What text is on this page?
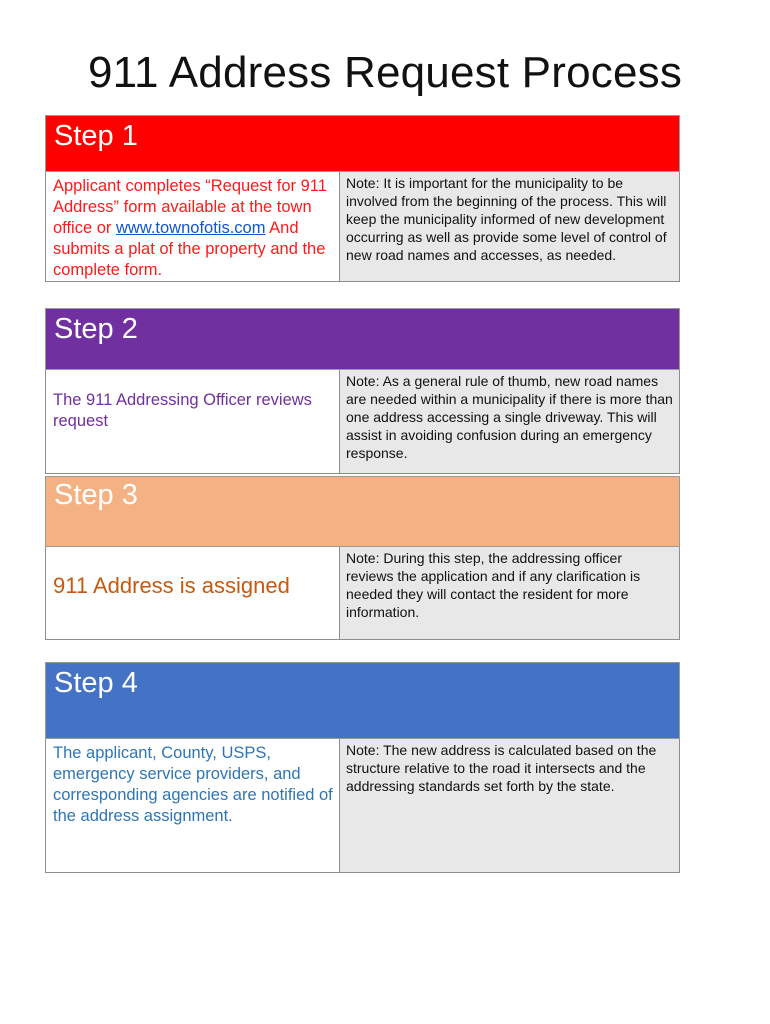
911 Address Request Process
Step 1
Applicant completes “Request for 911 Address” form available at the town office or www.townofotis.com And submits a plat of the property and the complete form.
Note: It is important for the municipality to be involved from the beginning of the process. This will keep the municipality informed of new development occurring as well as provide some level of control of new road names and accesses, as needed.
Step 2
The 911 Addressing Officer reviews request
Note: As a general rule of thumb, new road names are needed within a municipality if there is more than one address accessing a single driveway. This will assist in avoiding confusion during an emergency response.
Step 3
911 Address is assigned
Note: During this step, the addressing officer reviews the application and if any clarification is needed they will contact the resident for more information.
Step 4
The applicant, County, USPS, emergency service providers, and corresponding agencies are notified of the address assignment.
Note: The new address is calculated based on the structure relative to the road it intersects and the addressing standards set forth by the state.
